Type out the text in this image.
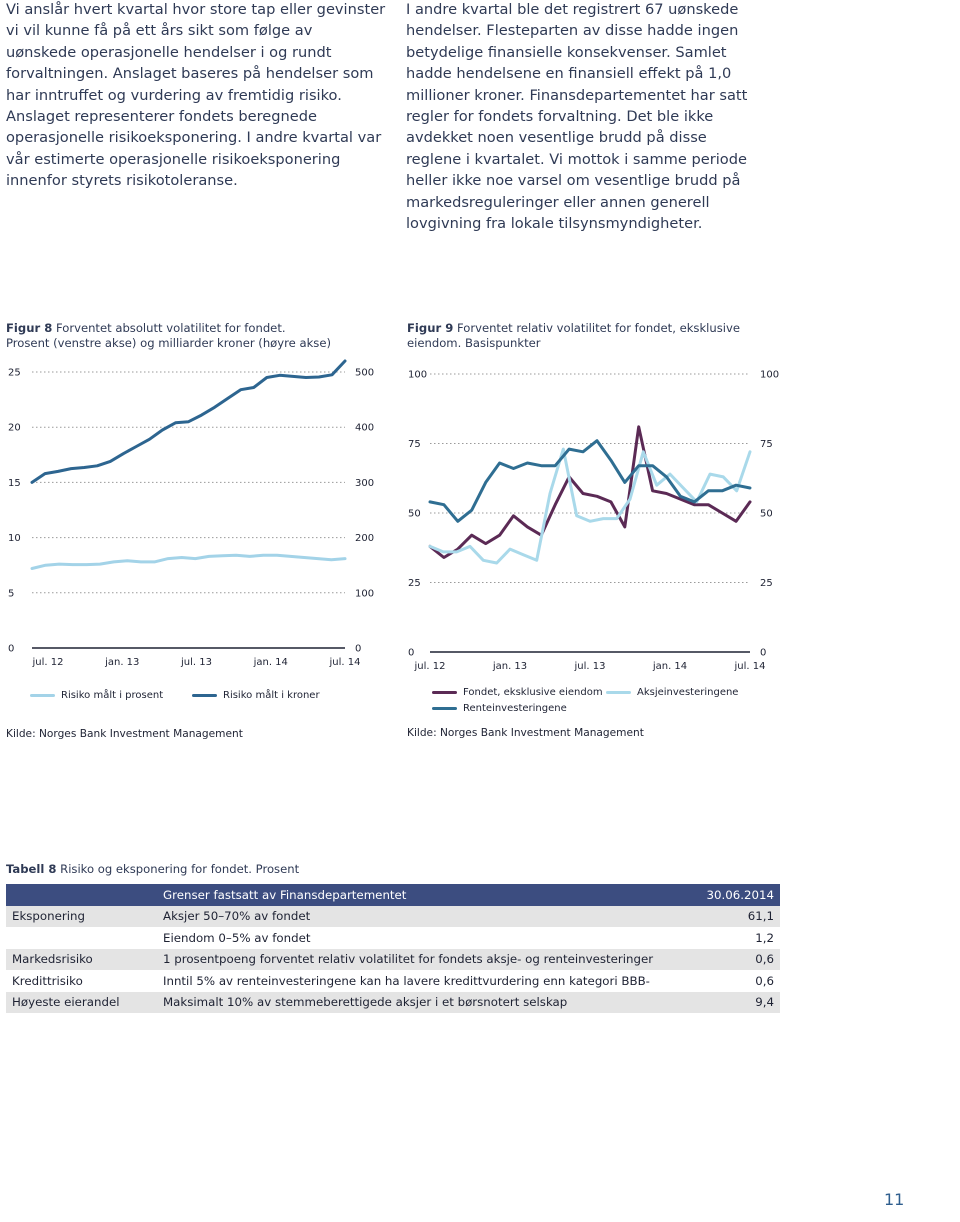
Vi anslår hvert kvartal hvor store tap eller gevinster vi vil kunne få på ett års sikt som følge av uønskede operasjonelle hendelser i og rundt forvaltningen. Anslaget baseres på hendelser som har inntruffet og vurdering av fremtidig risiko. Anslaget representerer fondets beregnede operasjonelle risikoeksponering. I andre kvartal var vår estimerte operasjonelle risikoeksponering innenfor styrets risikotoleranse.

I andre kvartal ble det registrert 67 uønskede hendelser. Flesteparten av disse hadde ingen betydelige finansielle konsekvenser. Samlet hadde hendelsene en finansiell effekt på 1,0 millioner kroner. Finansdepartementet har satt regler for fondets forvaltning. Det ble ikke avdekket noen vesentlige brudd på disse reglene i kvartalet. Vi mottok i samme periode heller ikke noe varsel om vesentlige brudd på markedsreguleringer eller annen generell lovgivning fra lokale tilsynsmyndigheter.

Figur 8 Forventet absolutt volatilitet for fondet.
Prosent (venstre akse) og milliarder kroner (høyre akse)
Figur 9 Forventet relativ volatilitet for fondet, eksklusive
eiendom. Basispunkter
0
5
10
15
20
25
0
100
200
300
400
500
jul. 12	jan. 13	jul. 13	jan. 14	jul. 14
0
25
50
75
100
0
25
50
75
100
jul. 12	jan. 13	jul. 13	jan. 14	jul. 14
Risiko målt i prosent	Risiko målt i kroner	Fondet, eksklusive eiendom	Aksjeinvesteringene
Renteinvesteringene
Kilde: Norges Bank Investment Management	Kilde: Norges Bank Investment Management
Tabell 8 Risiko og eksponering for fondet. Prosent
	Grenser fastsatt av Finansdepartementet	30.06.2014
Eksponering	Aksjer 50–70% av fondet	61,1
	Eiendom 0–5% av fondet	1,2
Markedsrisiko	1 prosentpoeng forventet relativ volatilitet for fondets aksje- og renteinvesteringer	0,6
Kredittrisiko	Inntil 5% av renteinvesteringene kan ha lavere kredittvurdering enn kategori BBB-	0,6
Høyeste eierandel	Maksimalt 10% av stemmeberettigede aksjer i et børsnotert selskap	9,4
11
